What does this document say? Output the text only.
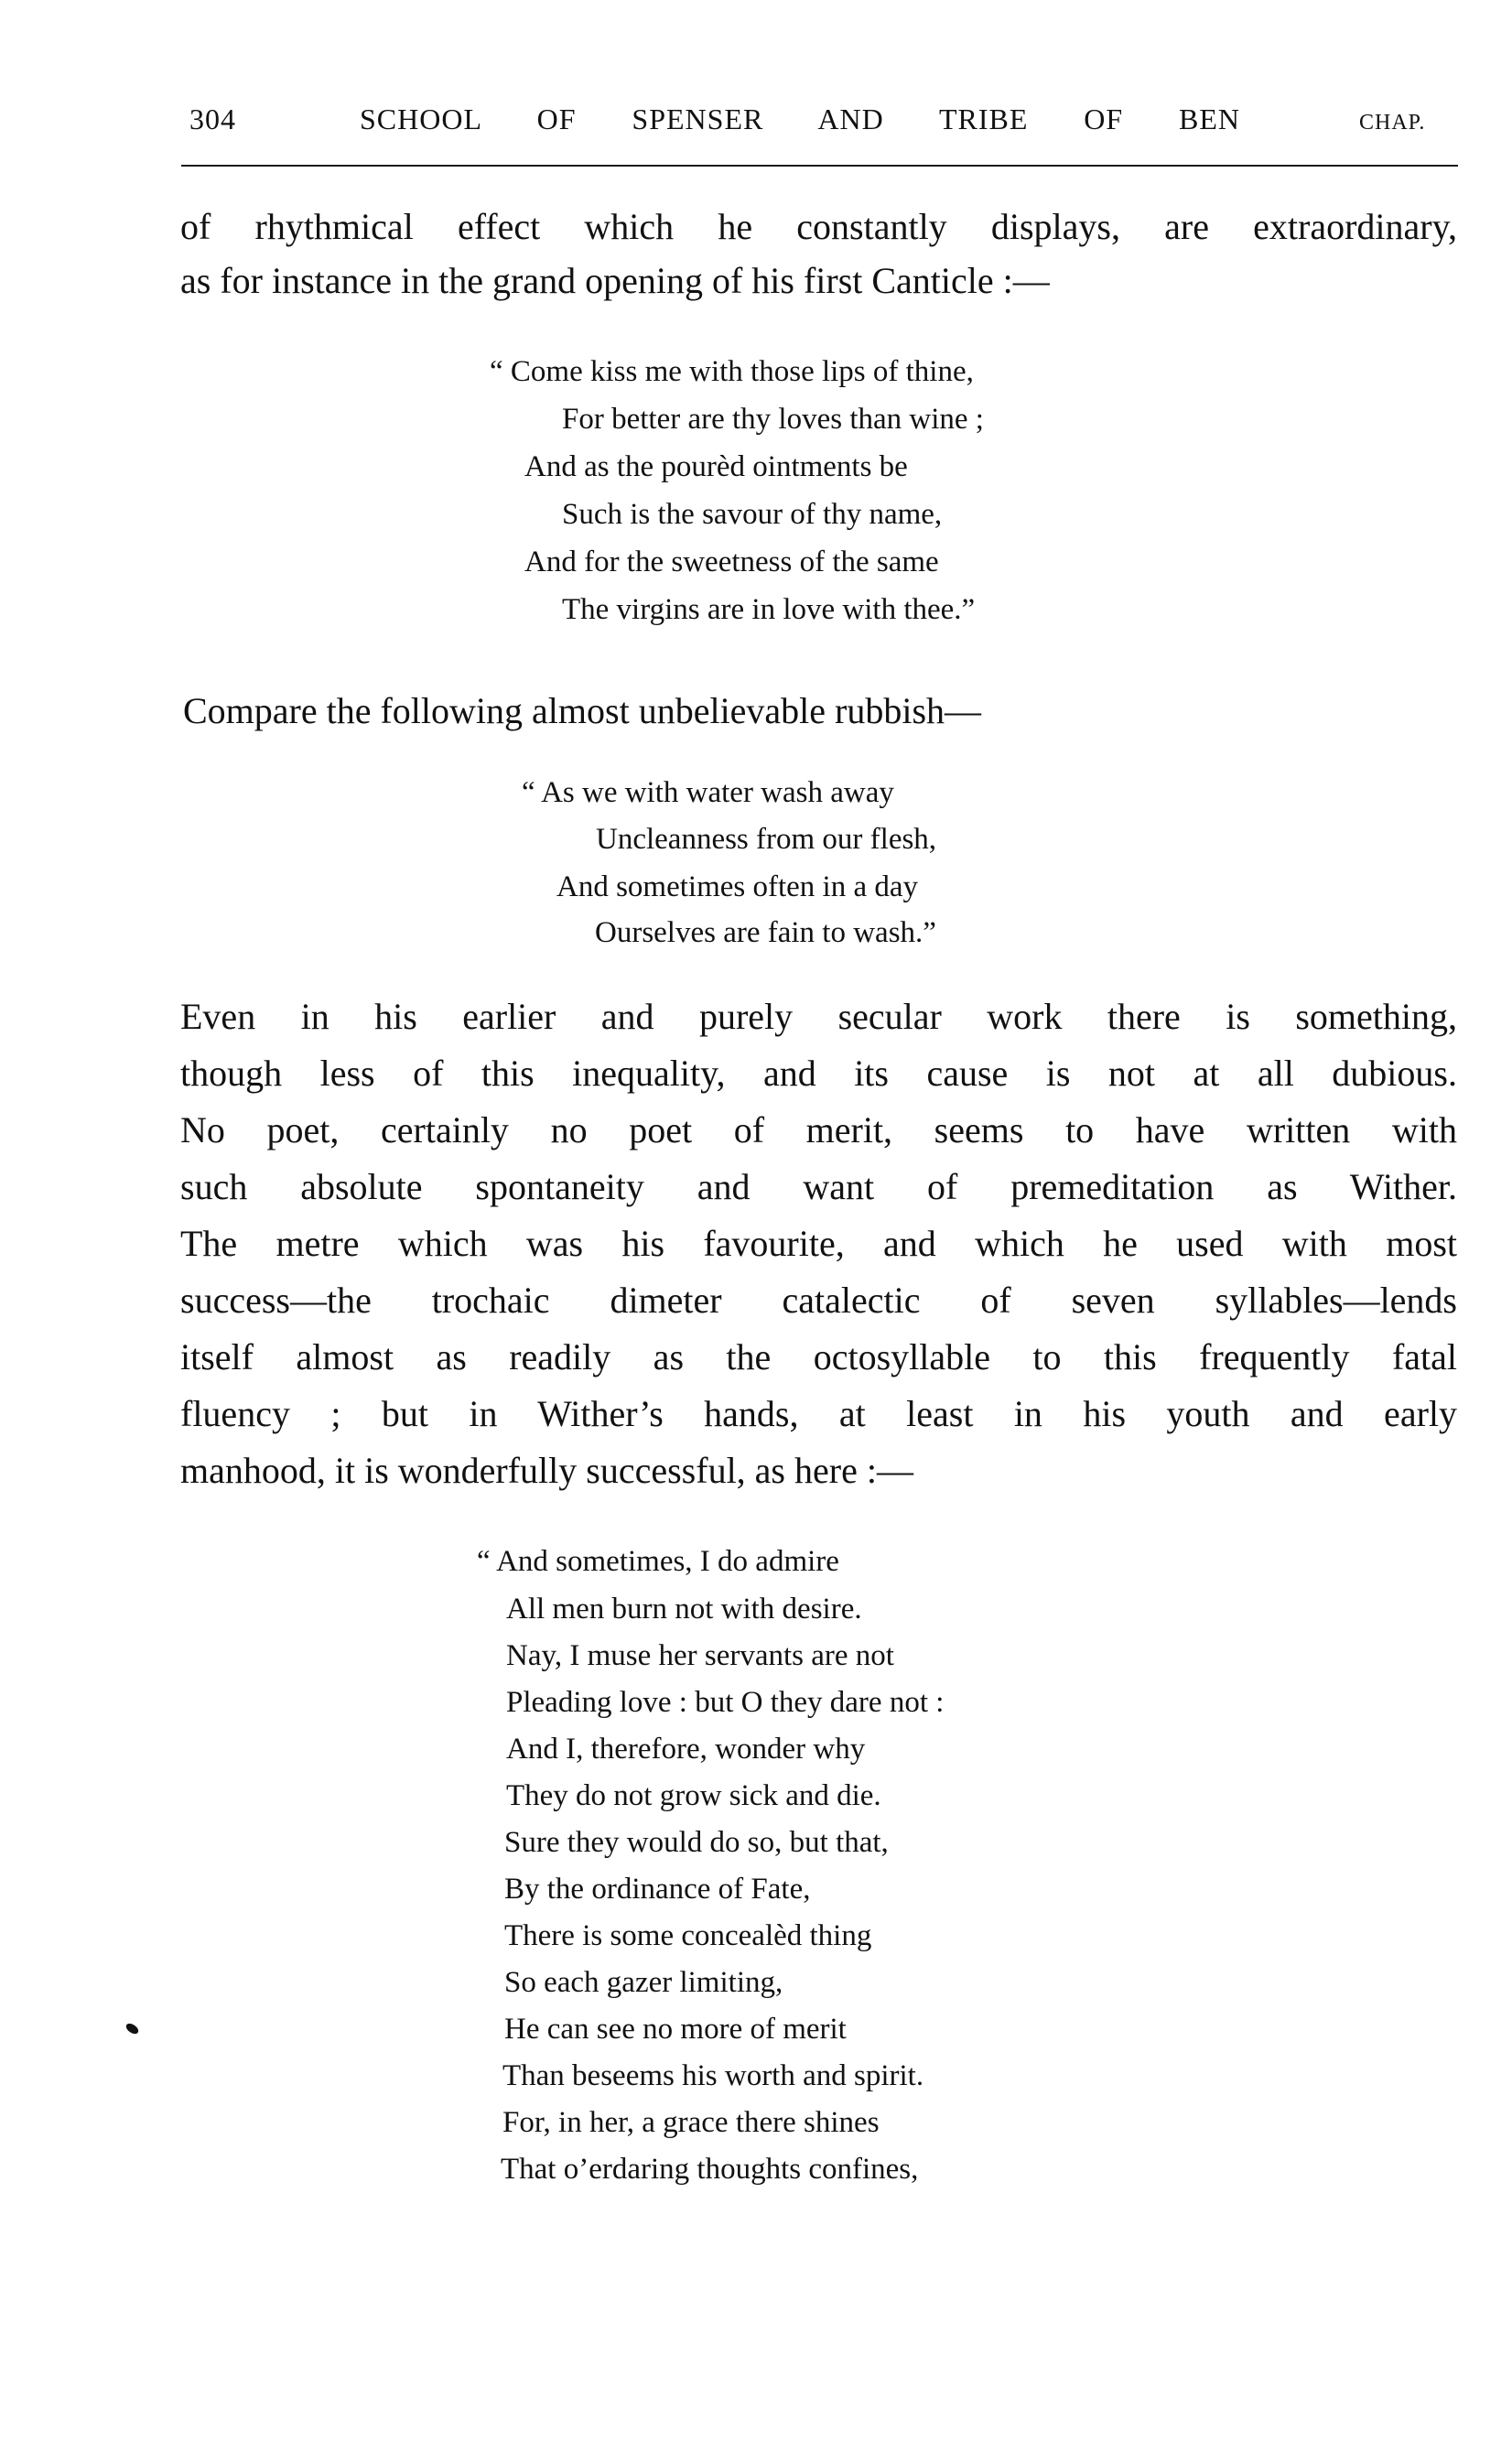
304	SCHOOL OF SPENSER AND TRIBE OF BEN	CHAP.
of rhythmical effect which he constantly displays, are extraordinary,
as for instance in the grand opening of his first Canticle :—
“ Come kiss me with those lips of thine,
For better are thy loves than wine ;
And as the pourèd ointments be
Such is the savour of thy name,
And for the sweetness of the same
The virgins are in love with thee.”
Compare the following almost unbelievable rubbish—
“ As we with water wash away
Uncleanness from our flesh,
And sometimes often in a day
Ourselves are fain to wash.”
Even in his earlier and purely secular work there is something,
though less of this inequality, and its cause is not at all dubious.
No poet, certainly no poet of merit, seems to have written with
such absolute spontaneity and want of premeditation as Wither.
The metre which was his favourite, and which he used with most
success—the trochaic dimeter catalectic of seven syllables—lends
itself almost as readily as the octosyllable to this frequently fatal
fluency ; but in Wither’s hands, at least in his youth and early
manhood, it is wonderfully successful, as here :—
“ And sometimes, I do admire
All men burn not with desire.
Nay, I muse her servants are not
Pleading love : but O they dare not :
And I, therefore, wonder why
They do not grow sick and die.
Sure they would do so, but that,
By the ordinance of Fate,
There is some concealèd thing
So each gazer limiting,
He can see no more of merit
Than beseems his worth and spirit.
For, in her, a grace there shines
That o’erdaring thoughts confines,
